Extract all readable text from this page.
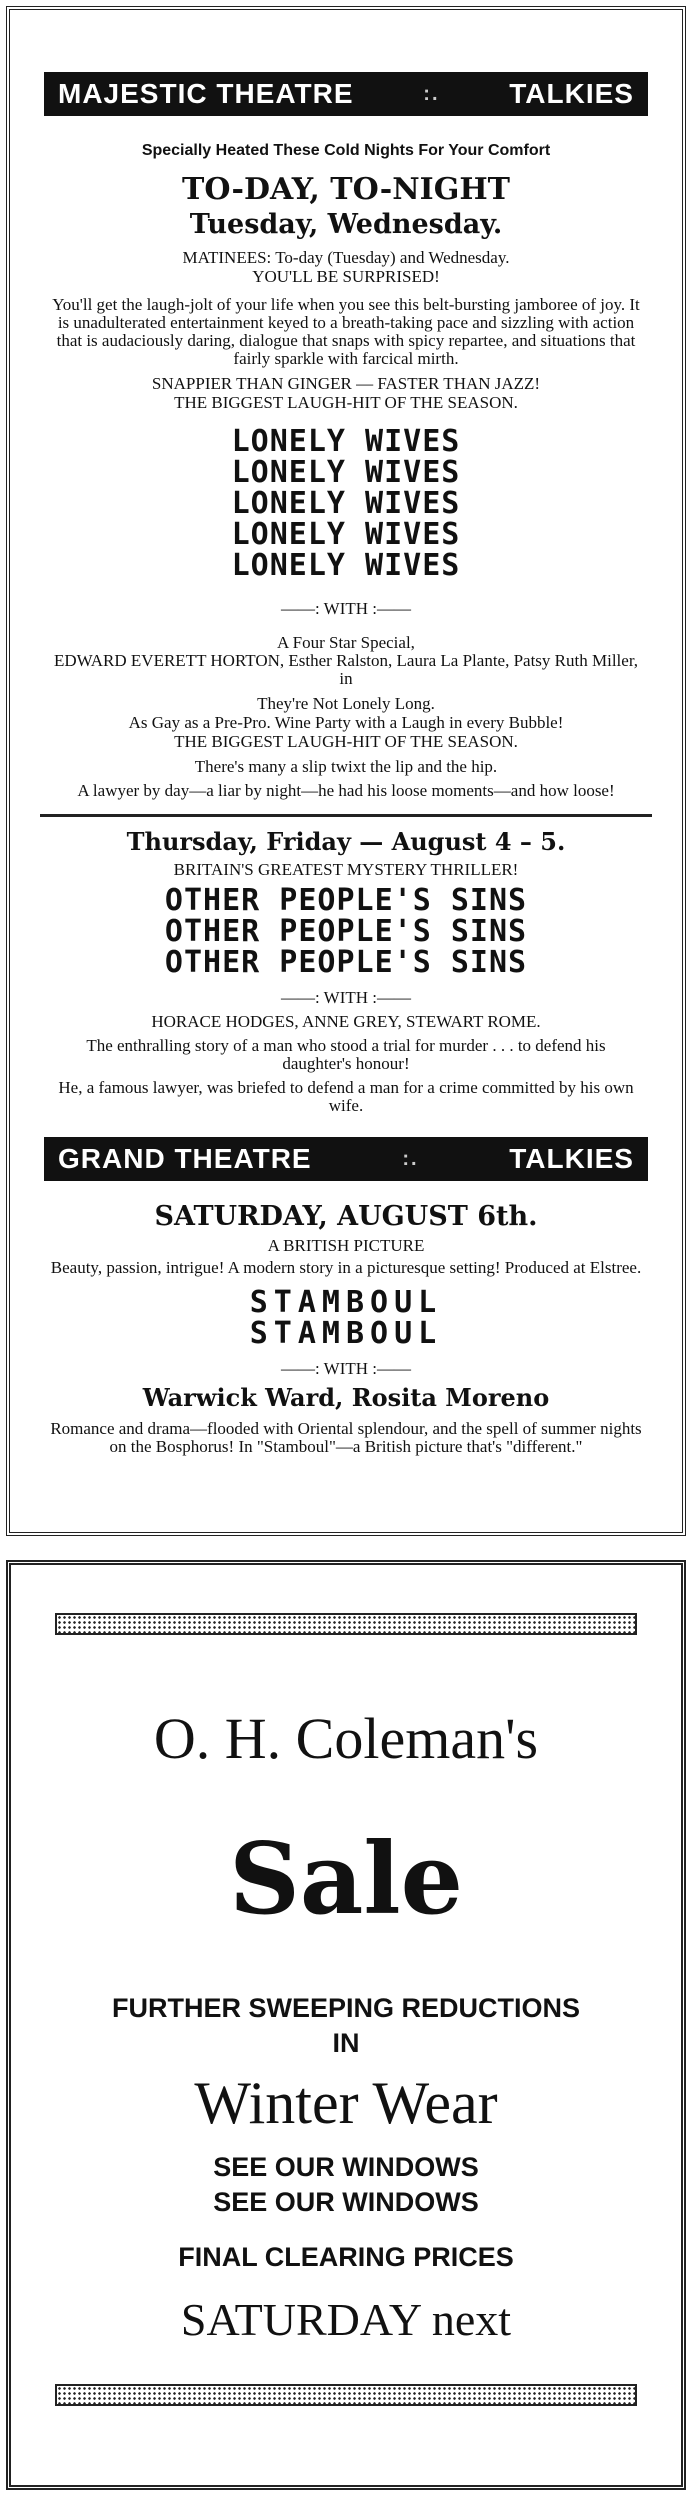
MAJESTIC THEATRE	:. TALKIES

Specially Heated These Cold Nights For Your Comfort

TO-DAY, TO-NIGHT

Tuesday, Wednesday.

MATINEES: To-day (Tuesday) and Wednesday.

YOU'LL BE SURPRISED!

You'll get the laugh-jolt of your life when you see this belt-bursting jamboree of joy. It is unadulterated entertainment keyed to a breath-taking pace and sizzling with action that is audaciously daring, dialogue that snaps with spicy repartee, and situations that fairly sparkle with farcical mirth.

SNAPPIER THAN GINGER — FASTER THAN JAZZ!

THE BIGGEST LAUGH-HIT OF THE SEASON.

LONELY WIVES

LONELY WIVES

LONELY WIVES

LONELY WIVES

LONELY WIVES

——: WITH :——

A Four Star Special,

EDWARD EVERETT HORTON, Esther Ralston, Laura La Plante, Patsy Ruth Miller, in

They're Not Lonely Long.

As Gay as a Pre-Pro. Wine Party with a Laugh in every Bubble!

THE BIGGEST LAUGH-HIT OF THE SEASON.

There's many a slip twixt the lip and the hip.

A lawyer by day—a liar by night—he had his loose moments—and how loose!

Thursday, Friday — August 4 – 5.

BRITAIN'S GREATEST MYSTERY THRILLER!

OTHER PEOPLE'S SINS

OTHER PEOPLE'S SINS

OTHER PEOPLE'S SINS

——: WITH :——

HORACE HODGES, ANNE GREY, STEWART ROME.

The enthralling story of a man who stood a trial for murder . . . to defend his daughter's honour!

He, a famous lawyer, was briefed to defend a man for a crime committed by his own wife.

GRAND THEATRE	:.	TALKIES

SATURDAY, AUGUST 6th.

A BRITISH PICTURE

Beauty, passion, intrigue! A modern story in a picturesque setting! Produced at Elstree.

STAMBOUL

STAMBOUL

——: WITH :——

Warwick Ward, Rosita Moreno

Romance and drama—flooded with Oriental splendour, and the spell of summer nights on the Bosphorus! In "Stamboul"—a British picture that's "different."

O. H. Coleman's

Sale

FURTHER SWEEPING REDUCTIONS

IN

Winter Wear

SEE OUR WINDOWS

SEE OUR WINDOWS

FINAL CLEARING PRICES

SATURDAY next
